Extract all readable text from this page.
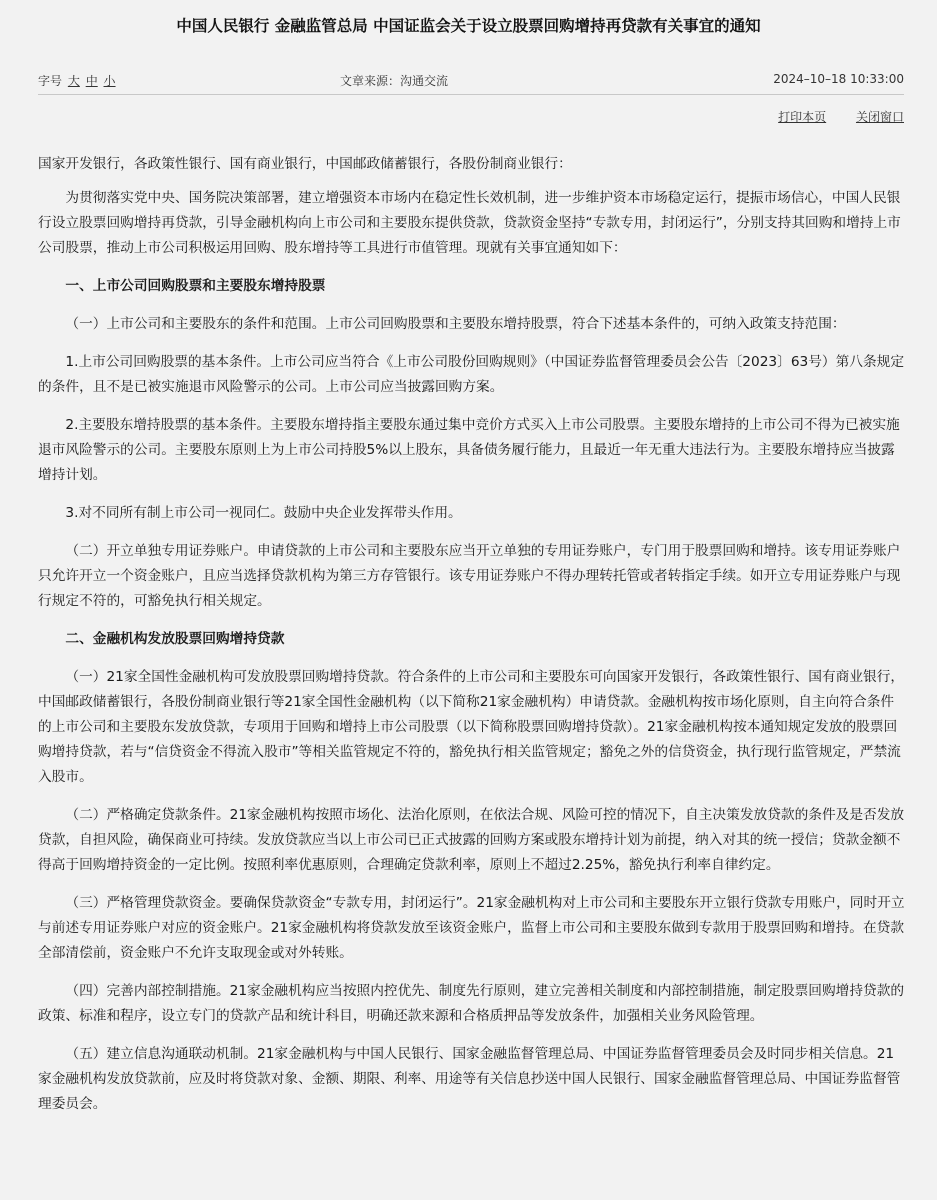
中国人民银行 金融监管总局 中国证监会关于设立股票回购增持再贷款有关事宜的通知
字号 大 中 小	文章来源：沟通交流	2024–10–18 10:33:00
打印本页 关闭窗口

国家开发银行，各政策性银行、国有商业银行，中国邮政储蓄银行，各股份制商业银行：

为贯彻落实党中央、国务院决策部署，建立增强资本市场内在稳定性长效机制，进一步维护资本市场稳定运行，提振市场信心，中国人民银行设立股票回购增持再贷款，引导金融机构向上市公司和主要股东提供贷款，贷款资金坚持“专款专用，封闭运行”，分别支持其回购和增持上市公司股票，推动上市公司积极运用回购、股东增持等工具进行市值管理。现就有关事宜通知如下：

一、上市公司回购股票和主要股东增持股票

（一）上市公司和主要股东的条件和范围。上市公司回购股票和主要股东增持股票，符合下述基本条件的，可纳入政策支持范围：

1.上市公司回购股票的基本条件。上市公司应当符合《上市公司股份回购规则》（中国证券监督管理委员会公告〔2023〕63号）第八条规定的条件，且不是已被实施退市风险警示的公司。上市公司应当披露回购方案。

2.主要股东增持股票的基本条件。主要股东增持指主要股东通过集中竞价方式买入上市公司股票。主要股东增持的上市公司不得为已被实施退市风险警示的公司。主要股东原则上为上市公司持股5%以上股东，具备债务履行能力，且最近一年无重大违法行为。主要股东增持应当披露增持计划。

3.对不同所有制上市公司一视同仁。鼓励中央企业发挥带头作用。

（二）开立单独专用证券账户。申请贷款的上市公司和主要股东应当开立单独的专用证券账户，专门用于股票回购和增持。该专用证券账户只允许开立一个资金账户，且应当选择贷款机构为第三方存管银行。该专用证券账户不得办理转托管或者转指定手续。如开立专用证券账户与现行规定不符的，可豁免执行相关规定。

二、金融机构发放股票回购增持贷款

（一）21家全国性金融机构可发放股票回购增持贷款。符合条件的上市公司和主要股东可向国家开发银行，各政策性银行、国有商业银行，中国邮政储蓄银行，各股份制商业银行等21家全国性金融机构（以下简称21家金融机构）申请贷款。金融机构按市场化原则，自主向符合条件的上市公司和主要股东发放贷款，专项用于回购和增持上市公司股票（以下简称股票回购增持贷款）。21家金融机构按本通知规定发放的股票回购增持贷款，若与“信贷资金不得流入股市”等相关监管规定不符的，豁免执行相关监管规定；豁免之外的信贷资金，执行现行监管规定，严禁流入股市。

（二）严格确定贷款条件。21家金融机构按照市场化、法治化原则，在依法合规、风险可控的情况下，自主决策发放贷款的条件及是否发放贷款，自担风险，确保商业可持续。发放贷款应当以上市公司已正式披露的回购方案或股东增持计划为前提，纳入对其的统一授信；贷款金额不得高于回购增持资金的一定比例。按照利率优惠原则，合理确定贷款利率，原则上不超过2.25%，豁免执行利率自律约定。

（三）严格管理贷款资金。要确保贷款资金“专款专用，封闭运行”。21家金融机构对上市公司和主要股东开立银行贷款专用账户，同时开立与前述专用证券账户对应的资金账户。21家金融机构将贷款发放至该资金账户，监督上市公司和主要股东做到专款用于股票回购和增持。在贷款全部清偿前，资金账户不允许支取现金或对外转账。

（四）完善内部控制措施。21家金融机构应当按照内控优先、制度先行原则，建立完善相关制度和内部控制措施，制定股票回购增持贷款的政策、标准和程序，设立专门的贷款产品和统计科目，明确还款来源和合格质押品等发放条件，加强相关业务风险管理。

（五）建立信息沟通联动机制。21家金融机构与中国人民银行、国家金融监督管理总局、中国证券监督管理委员会及时同步相关信息。21家金融机构发放贷款前，应及时将贷款对象、金额、期限、利率、用途等有关信息抄送中国人民银行、国家金融监督管理总局、中国证券监督管理委员会。
